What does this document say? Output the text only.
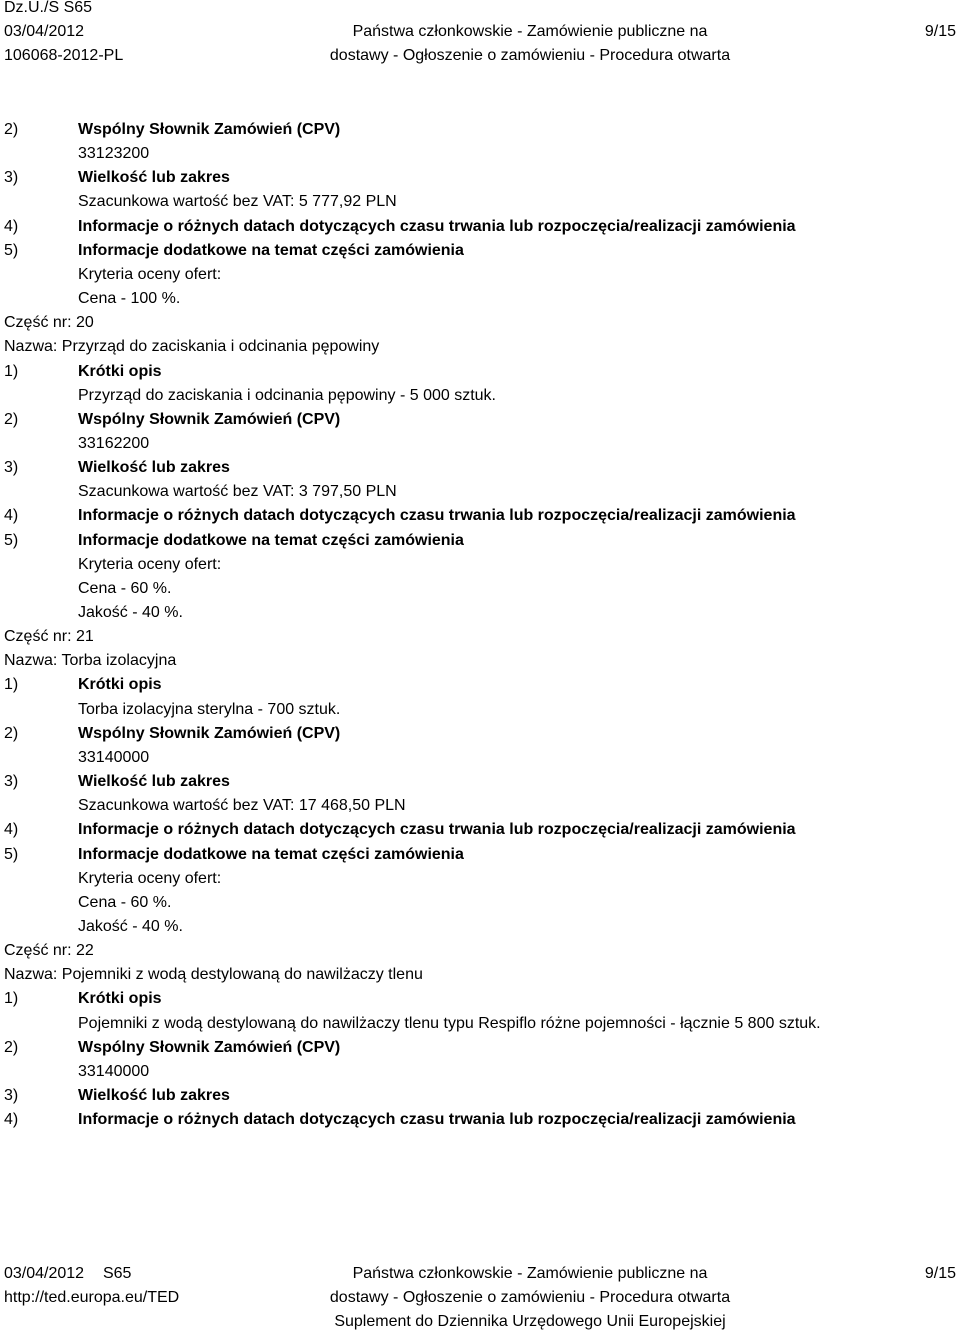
Dz.U./S S65
03/04/2012
106068-2012-PL
Państwa członkowskie - Zamówienie publiczne na
dostawy - Ogłoszenie o zamówieniu - Procedura otwarta
9/15
2)	Wspólny Słownik Zamówień (CPV)
33123200
3)	Wielkość lub zakres
Szacunkowa wartość bez VAT: 5 777,92 PLN
4)	Informacje o różnych datach dotyczących czasu trwania lub rozpoczęcia/realizacji zamówienia
5)	Informacje dodatkowe na temat części zamówienia
Kryteria oceny ofert:
Cena - 100 %.
Część nr: 20
Nazwa: Przyrząd do zaciskania i odcinania pępowiny
1)	Krótki opis
Przyrząd do zaciskania i odcinania pępowiny - 5 000 sztuk.
2)	Wspólny Słownik Zamówień (CPV)
33162200
3)	Wielkość lub zakres
Szacunkowa wartość bez VAT: 3 797,50 PLN
4)	Informacje o różnych datach dotyczących czasu trwania lub rozpoczęcia/realizacji zamówienia
5)	Informacje dodatkowe na temat części zamówienia
Kryteria oceny ofert:
Cena - 60 %.
Jakość - 40 %.
Część nr: 21
Nazwa: Torba izolacyjna
1)	Krótki opis
Torba izolacyjna sterylna - 700 sztuk.
2)	Wspólny Słownik Zamówień (CPV)
33140000
3)	Wielkość lub zakres
Szacunkowa wartość bez VAT: 17 468,50 PLN
4)	Informacje o różnych datach dotyczących czasu trwania lub rozpoczęcia/realizacji zamówienia
5)	Informacje dodatkowe na temat części zamówienia
Kryteria oceny ofert:
Cena - 60 %.
Jakość - 40 %.
Część nr: 22
Nazwa: Pojemniki z wodą destylowaną do nawilżaczy tlenu
1)	Krótki opis
Pojemniki z wodą destylowaną do nawilżaczy tlenu typu Respiflo różne pojemności - łącznie 5 800 sztuk.
2)	Wspólny Słownik Zamówień (CPV)
33140000
3)	Wielkość lub zakres
4)	Informacje o różnych datach dotyczących czasu trwania lub rozpoczęcia/realizacji zamówienia
03/04/2012 S65
http://ted.europa.eu/TED
Państwa członkowskie - Zamówienie publiczne na
dostawy - Ogłoszenie o zamówieniu - Procedura otwarta
Suplement do Dziennika Urzędowego Unii Europejskiej
9/15
